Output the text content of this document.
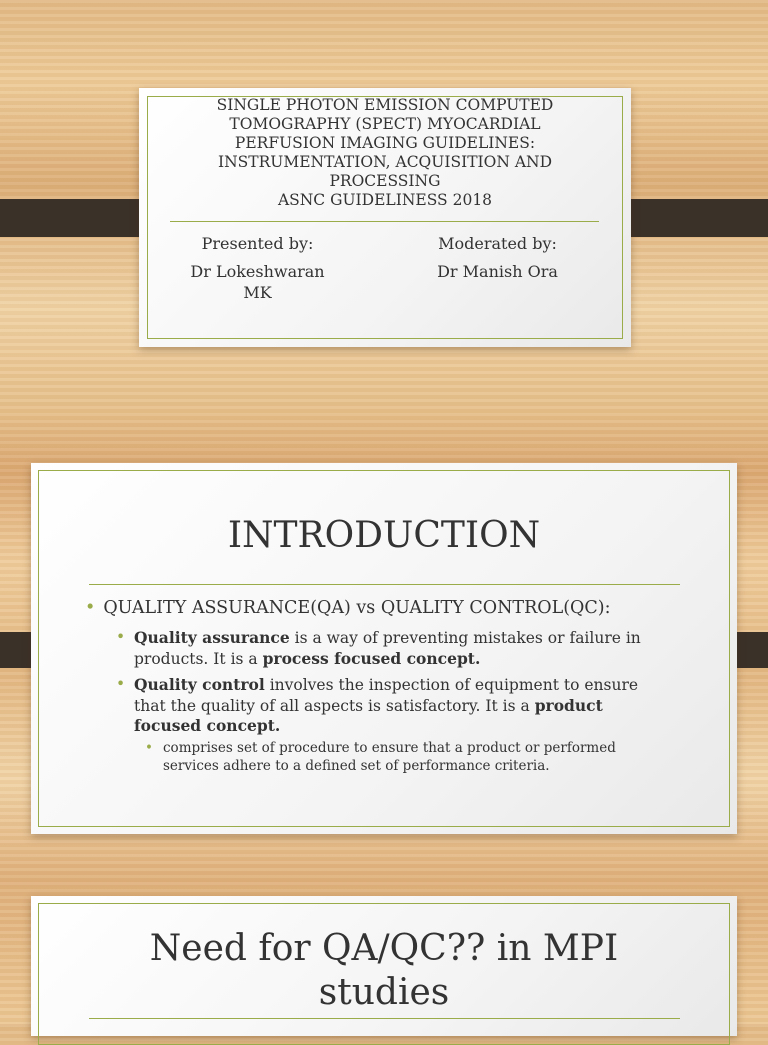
SINGLE PHOTON EMISSION COMPUTED
TOMOGRAPHY (SPECT) MYOCARDIAL
PERFUSION IMAGING GUIDELINES:
INSTRUMENTATION, ACQUISITION AND
PROCESSING
ASNC GUIDELINESS 2018
Presented by:
Dr Lokeshwaran
MK
Moderated by:
Dr Manish Ora
INTRODUCTION
• QUALITY ASSURANCE(QA) vs QUALITY CONTROL(QC):
• Quality assurance is a way of preventing mistakes or failure in products. It is a process focused concept.
• Quality control involves the inspection of equipment to ensure that the quality of all aspects is satisfactory. It is a product focused concept.
• comprises set of procedure to ensure that a product or performed services adhere to a defined set of performance criteria.
Need for QA/QC?? in MPI
studies
